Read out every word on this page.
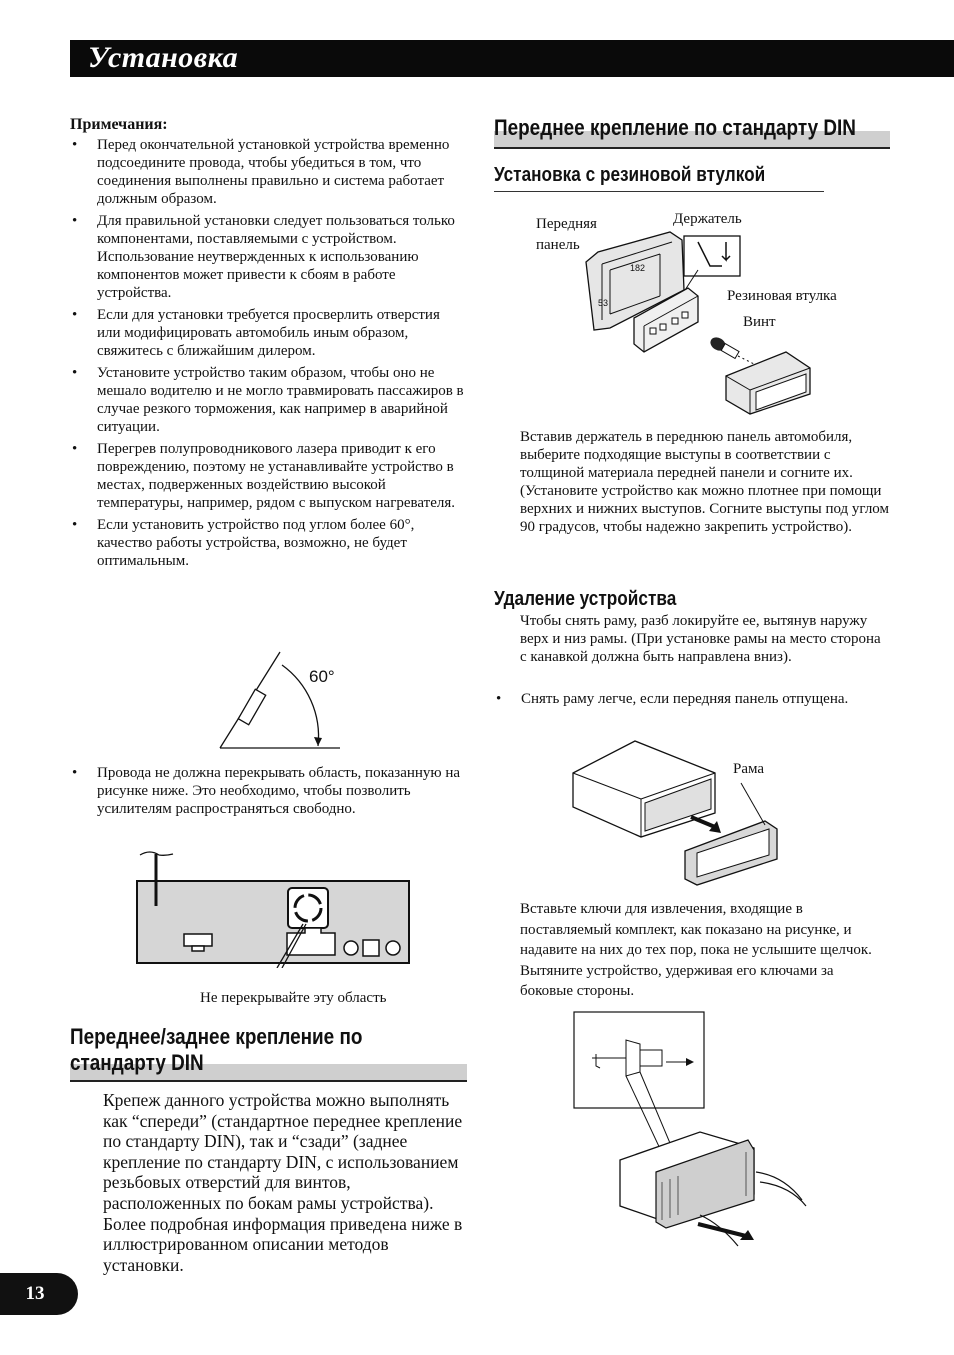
Установка
Примечания:
• Перед окончательной установкой устройства временно подсоедините провода, чтобы убедиться в том, что соединения выполнены правильно и система работает должным образом.
• Для правильной установки следует пользоваться только компонентами, поставляемыми с устройством. Использование неутвержденных к использованию компонентов может привести к сбоям в работе устройства.
• Если для установки требуется просверлить отверстия или модифицировать автомобиль иным образом, свяжитесь с ближайшим дилером.
• Установите устройство таким образом, чтобы оно не мешало водителю и не могло травмировать пассажиров в случае резкого торможения, как например в аварийной ситуации.
• Перегрев полупроводникового лазера приводит к его повреждению, поэтому не устанавливайте устройство в местах, подверженных воздействию высокой температуры, например, рядом с выпуском нагревателя.
• Если установить устройство под углом более 60°, качество работы устройства, возможно, не будет оптимальным.
60°
• Провода не должна перекрывать область, показанную на рисунке ниже. Это необходимо, чтобы позволить усилителям распространяться свободно.
Не перекрывайте эту область
Переднее/заднее крепление по
стандарту DIN
Крепеж данного устройства можно выполнять как “спереди” (стандартное переднее крепление по стандарту DIN), так и “сзади” (заднее крепление по стандарту DIN, с использованием резьбовых отверстий для винтов, расположенных по бокам рамы устройства). Более подробная информация приведена ниже в иллюстрированном описании методов установки.
Переднее крепление по стандарту DIN
Установка с резиновой втулкой
182
53
Передняя
панель
Держатель
Резиновая втулка
Винт
Вставив держатель в переднюю панель автомобиля, выберите подходящие выступы в соответствии с толщиной материала передней панели и согните их. (Установите устройство как можно плотнее при помощи верхних и нижних выступов. Согните выступы под углом 90 градусов, чтобы надежно закрепить устройство).
Удаление устройства
Чтобы снять раму, разб локируйте ее, вытянув наружу верх и низ рамы. (При установке рамы на место сторона с канавкой должна быть направлена вниз).
• Снять раму легче, если передняя панель отпущена.
Рама
Вставьте ключи для извлечения, входящие в поставляемый комплект, как показано на рисунке, и надавите на них до тех пор, пока не услышите щелчок. Вытяните устройство, удерживая его ключами за боковые стороны.
13
